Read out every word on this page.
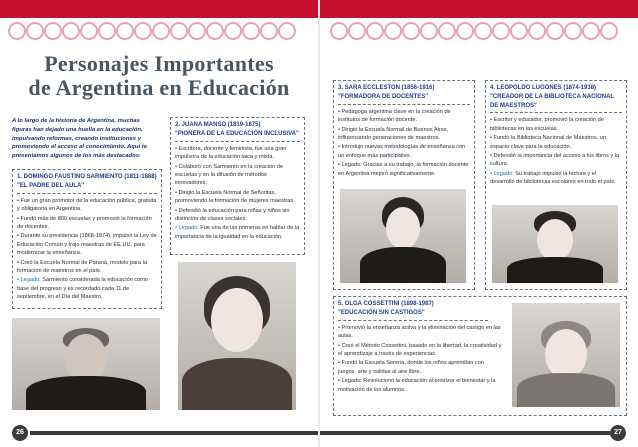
Personajes Importantes
de Argentina en Educación
A lo largo de la historia de Argentina, muchas figuras han dejado una huella en la educación, impulsando reformas, creando instituciones y promoviendo el acceso al conocimiento. Aquí te presentamos algunos de los más destacados:
1. DOMINGO FAUSTINO SARMIENTO (1811-1888)
"EL PADRE DEL AULA"

• Fue un gran promotor de la educación pública, gratuita y obligatoria en Argentina.

• Fundó más de 800 escuelas y promovió la formación de docentes.

• Durante su presidencia (1868-1874), impulsó la Ley de Educación Común y trajo maestras de EE.UU. para modernizar la enseñanza.

• Creó la Escuela Normal de Paraná, modelo para la formación de maestros en el país.

• Legado: Sarmiento considerada la educación como base del progreso y es recordado cada 11 de septiembre, en el Día del Maestro.

2. JUANA MANSO (1819-1875)
"PIONERA DE LA EDUCACIÓN INCLUSIVA"

• Escritora, docente y feminista, fue una gran impulsora de la educación laica y mixta.

• Colaboró con Sarmiento en la creación de escuelas y en la difusión de métodos innovadores.

• Dirigió la Escuela Normal de Señoritas, promoviendo la formación de mujeres maestras.

• Defendió la educación para niñas y niños sin distinción de clases sociales.

• Legado: Fue una de las primeras en hablar de la importancia de la igualdad en la educación.

3. SARA ECCLESTON (1856-1916)
"FORMADORA DE DOCENTES"

• Pedagoga argentina clave en la creación de institutos de formación docente.

• Dirigió la Escuela Normal de Buenos Aires, influenciando generaciones de maestros.

• Introdujo nuevas metodologías de enseñanza con un enfoque más participativo.

• Legado: Gracias a su trabajo, la formación docente en Argentina mejoró significativamente.

4. LEOPOLDO LUGONES (1874-1938)
"CREADOR DE LA BIBLIOTECA NACIONAL DE MAESTROS"

• Escritor y educador, promovió la creación de bibliotecas en las escuelas.

• Fundó la Biblioteca Nacional de Maestros, un espacio clave para la educación.

• Defendió la importancia del acceso a los libros y la cultura.

• Legado: Su trabajo impulsó la lectura y el desarrollo de bibliotecas escolares en todo el país.

5. OLGA COSSETTINI (1898-1987)
"EDUCACIÓN SIN CASTIGOS"

• Promovió la enseñanza activa y la eliminación del castigo en las aulas.

• Creó el Método Cossettini, basado en la libertad, la creatividad y el aprendizaje a través de experiencias.

• Fundó la Escuela Serena, donde los niños aprendían con juegos, arte y salidas al aire libre.

• Legado: Revolucionó la educación al priorizar el bienestar y la motivación de los alumnos.

26	27
